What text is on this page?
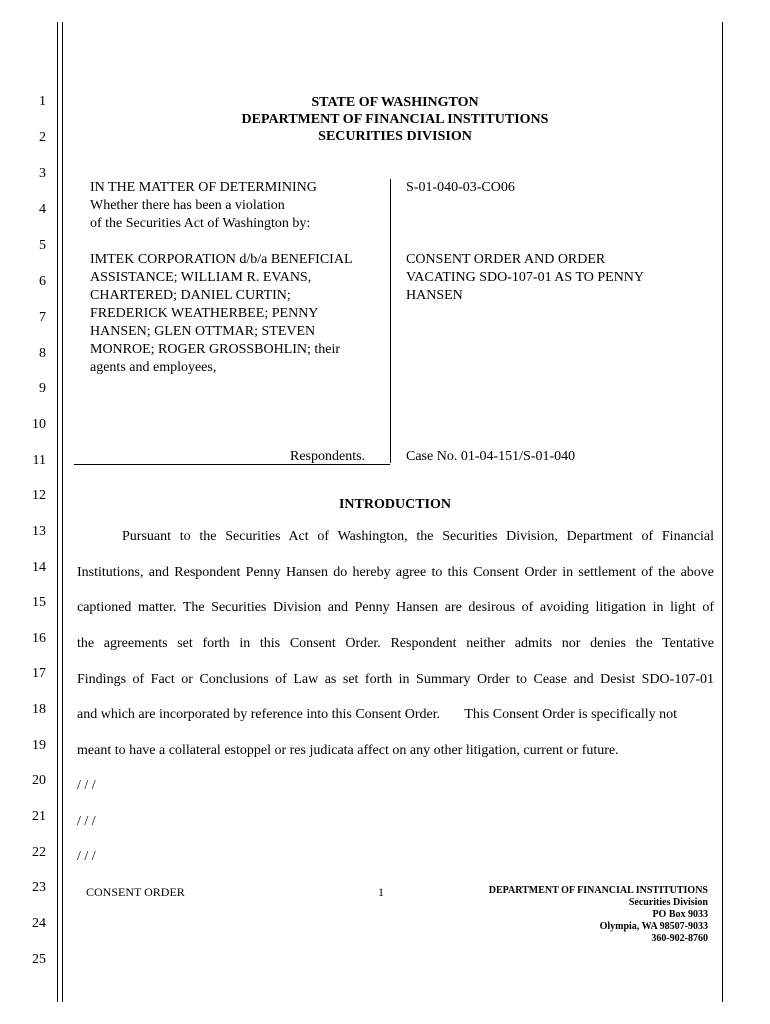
1
2
3
4
5
6
7
8
9
10
11
12
13
14
15
16
17
18
19
20
21
22
23
24
25
STATE OF WASHINGTON
DEPARTMENT OF FINANCIAL INSTITUTIONS
SECURITIES DIVISION
IN THE MATTER OF DETERMINING
Whether there has been a violation
of the Securities Act of Washington by:
IMTEK CORPORATION d/b/a BENEFICIAL
ASSISTANCE; WILLIAM R. EVANS,
CHARTERED; DANIEL CURTIN;
FREDERICK WEATHERBEE; PENNY
HANSEN; GLEN OTTMAR; STEVEN
MONROE; ROGER GROSSBOHLIN; their
agents and employees,
Respondents.
S-01-040-03-CO06
CONSENT ORDER AND ORDER
VACATING SDO-107-01 AS TO PENNY
HANSEN
Case No. 01-04-151/S-01-040
INTRODUCTION
Pursuant to the Securities Act of Washington, the Securities Division, Department of Financial
Institutions, and Respondent Penny Hansen do hereby agree to this Consent Order in settlement of the above
captioned matter. The Securities Division and Penny Hansen are desirous of avoiding litigation in light of
the agreements set forth in this Consent Order. Respondent neither admits nor denies the Tentative
Findings of Fact or Conclusions of Law as set forth in Summary Order to Cease and Desist SDO-107-01
and which are incorporated by reference into this Consent Order.       This Consent Order is specifically not
meant to have a collateral estoppel or res judicata affect on any other litigation, current or future.
/ / /
/ / /
/ / /
CONSENT ORDER	1	DEPARTMENT OF FINANCIAL INSTITUTIONS
Securities Division
PO Box 9033
Olympia, WA 98507-9033
360-902-8760
